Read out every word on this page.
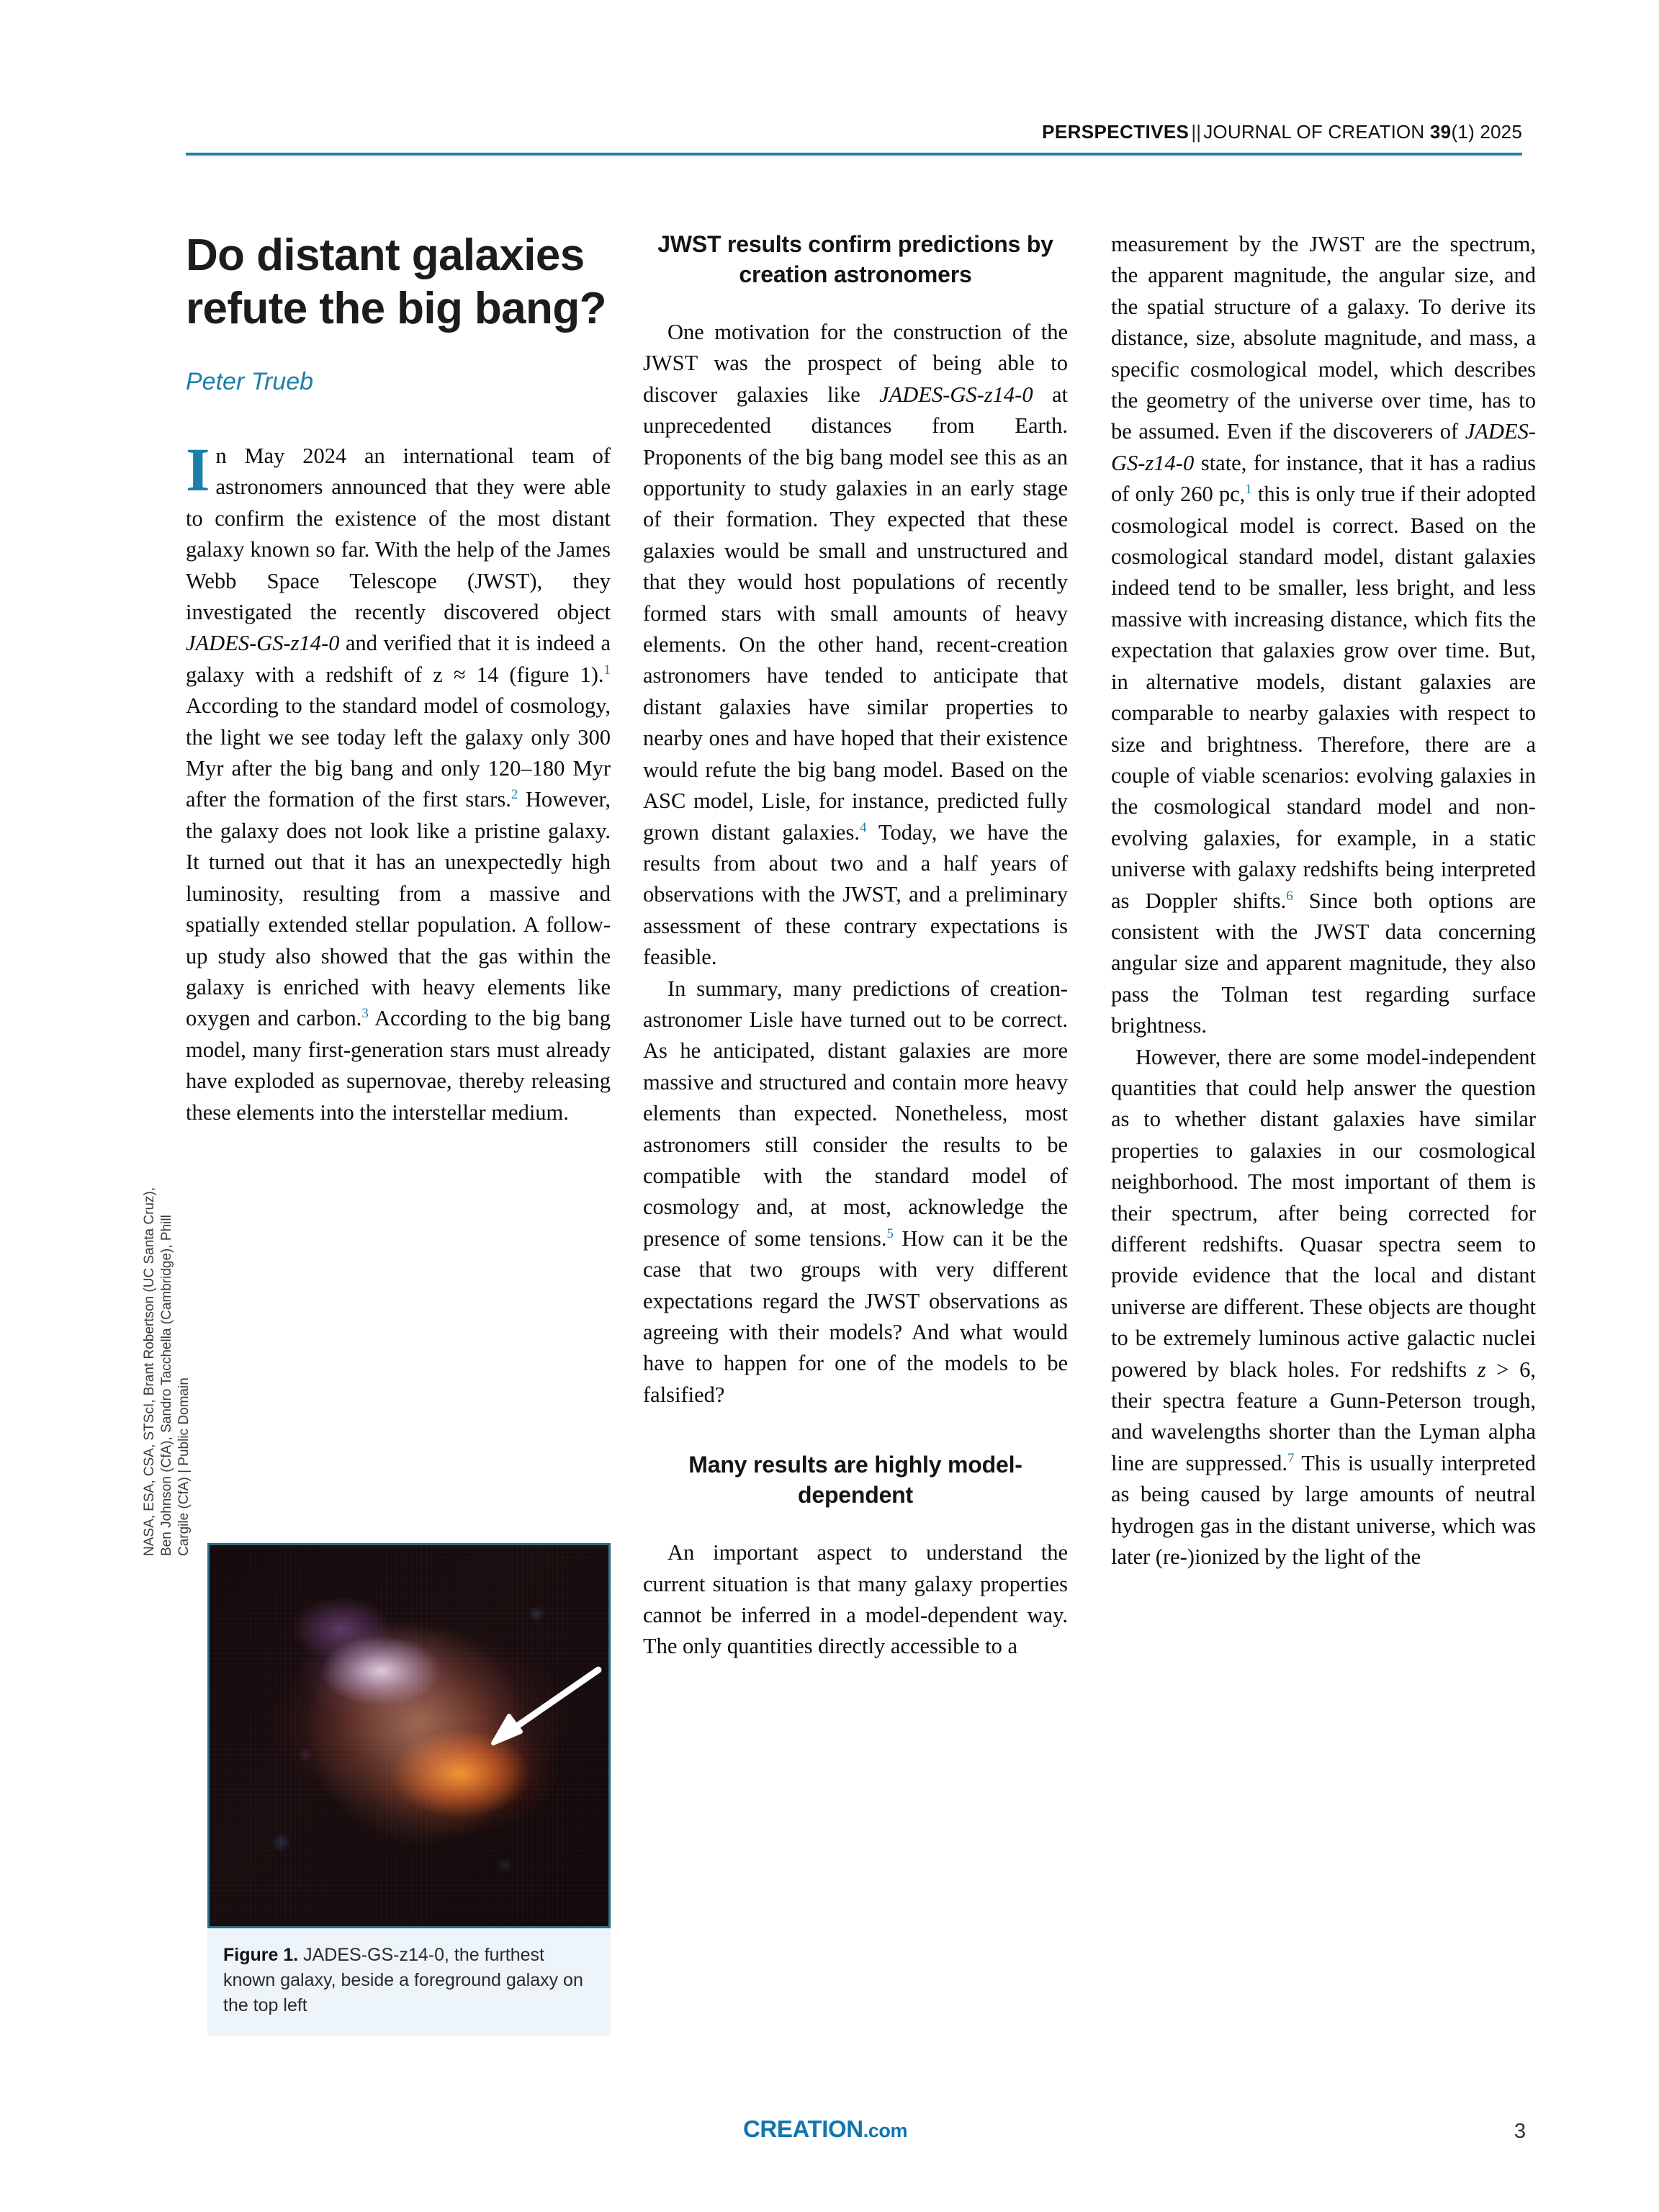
PERSPECTIVES || JOURNAL OF CREATION 39(1) 2025
Do distant galaxies refute the big bang?
Peter Trueb

In May 2024 an international team of astronomers announced that they were able to confirm the existence of the most distant galaxy known so far. With the help of the James Webb Space Telescope (JWST), they investigated the recently discovered object JADES-GS-z14-0 and verified that it is indeed a galaxy with a redshift of z ≈ 14 (figure 1).$^1$ According to the standard model of cosmology, the light we see today left the galaxy only 300 Myr after the big bang and only 120–180 Myr after the formation of the first stars.$^2$ However, the galaxy does not look like a pristine galaxy. It turned out that it has an unexpectedly high luminosity, resulting from a massive and spatially extended stellar population. A follow-up study also showed that the gas within the galaxy is enriched with heavy elements like oxygen and carbon.$^3$ According to the big bang model, many first-generation stars must already have exploded as supernovae, thereby releasing these elements into the interstellar medium.

NASA, ESA, CSA, STScI, Brant Robertson (UC Santa Cruz), Ben Johnson (CfA), Sandro Tacchella (Cambridge), Phill Cargile (CfA) | Public Domain
Figure 1. JADES-GS-z14-0, the furthest known galaxy, beside a foreground galaxy on the top left
JWST results confirm predictions by creation astronomers

One motivation for the construction of the JWST was the prospect of being able to discover galaxies like JADES-GS-z14-0 at unprecedented distances from Earth. Proponents of the big bang model see this as an opportunity to study galaxies in an early stage of their formation. They expected that these galaxies would be small and unstructured and that they would host populations of recently formed stars with small amounts of heavy elements. On the other hand, recent-creation astronomers have tended to anticipate that distant galaxies have similar properties to nearby ones and have hoped that their existence would refute the big bang model. Based on the ASC model, Lisle, for instance, predicted fully grown distant galaxies.$^4$ Today, we have the results from about two and a half years of observations with the JWST, and a preliminary assessment of these contrary expectations is feasible.

In summary, many predictions of creation-astronomer Lisle have turned out to be correct. As he anticipated, distant galaxies are more massive and structured and contain more heavy elements than expected. Nonetheless, most astronomers still consider the results to be compatible with the standard model of cosmology and, at most, acknowledge the presence of some tensions.$^5$ How can it be the case that two groups with very different expectations regard the JWST observations as agreeing with their models? And what would have to happen for one of the models to be falsified?

Many results are highly model-dependent

An important aspect to understand the current situation is that many galaxy properties cannot be inferred in a model-dependent way. The only quantities directly accessible to a

measurement by the JWST are the spectrum, the apparent magnitude, the angular size, and the spatial structure of a galaxy. To derive its distance, size, absolute magnitude, and mass, a specific cosmological model, which describes the geometry of the universe over time, has to be assumed. Even if the discoverers of JADES-GS-z14-0 state, for instance, that it has a radius of only 260 pc,$^1$ this is only true if their adopted cosmological model is correct. Based on the cosmological standard model, distant galaxies indeed tend to be smaller, less bright, and less massive with increasing distance, which fits the expectation that galaxies grow over time. But, in alternative models, distant galaxies are comparable to nearby galaxies with respect to size and brightness. Therefore, there are a couple of viable scenarios: evolving galaxies in the cosmological standard model and non-evolving galaxies, for example, in a static universe with galaxy redshifts being interpreted as Doppler shifts.$^6$ Since both options are consistent with the JWST data concerning angular size and apparent magnitude, they also pass the Tolman test regarding surface brightness.

However, there are some model-independent quantities that could help answer the question as to whether distant galaxies have similar properties to galaxies in our cosmological neighborhood. The most important of them is their spectrum, after being corrected for different redshifts. Quasar spectra seem to provide evidence that the local and distant universe are different. These objects are thought to be extremely luminous active galactic nuclei powered by black holes. For redshifts z > 6, their spectra feature a Gunn-Peterson trough, and wavelengths shorter than the Lyman alpha line are suppressed.$^7$ This is usually interpreted as being caused by large amounts of neutral hydrogen gas in the distant universe, which was later (re-)ionized by the light of the

CREATION.com	3
